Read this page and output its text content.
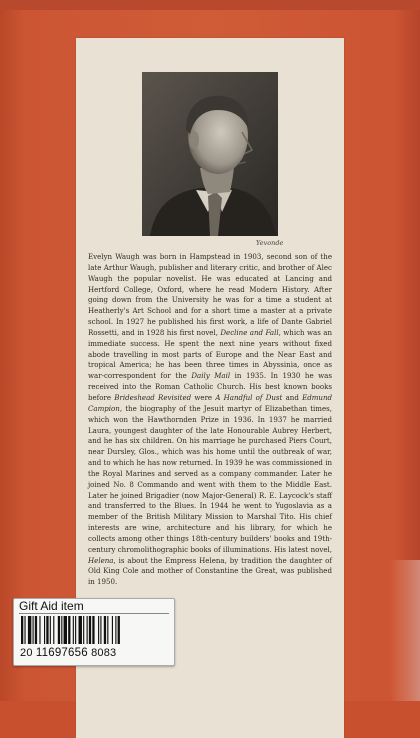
Yevonde

Evelyn Waugh was born in Hampstead in 1903, second son of the late Arthur Waugh, publisher and literary critic, and brother of Alec Waugh the popular novelist. He was educated at Lancing and Hertford College, Oxford, where he read Modern History. After going down from the University he was for a time a student at Heatherly's Art School and for a short time a master at a private school. In 1927 he published his first work, a life of Dante Gabriel Rossetti, and in 1928 his first novel, Decline and Fall, which was an immediate success. He spent the next nine years without fixed abode travelling in most parts of Europe and the Near East and tropical America; he has been three times in Abyssinia, once as war-correspondent for the Daily Mail in 1935. In 1930 he was received into the Roman Catholic Church. His best known books before Brideshead Revisited were A Handful of Dust and Edmund Campion, the biography of the Jesuit martyr of Elizabethan times, which won the Hawthornden Prize in 1936. In 1937 he married Laura, youngest daughter of the late Honourable Aubrey Herbert, and he has six children. On his marriage he purchased Piers Court, near Dursley, Glos., which was his home until the outbreak of war, and to which he has now returned. In 1939 he was commissioned in the Royal Marines and served as a company commander. Later he joined No. 8 Commando and went with them to the Middle East. Later he joined Brigadier (now Major-General) R. E. Laycock's staff and transferred to the Blues. In 1944 he went to Yugoslavia as a member of the British Military Mission to Marshal Tito. His chief interests are wine, architecture and his library, for which he collects among other things 18th-century builders' books and 19th-century chromolithographic books of illuminations. His latest novel, Helena, is about the Empress Helena, by tradition the daughter of Old King Cole and mother of Constantine the Great, was published in 1950.

Gift Aid item
20 11697656 8083
